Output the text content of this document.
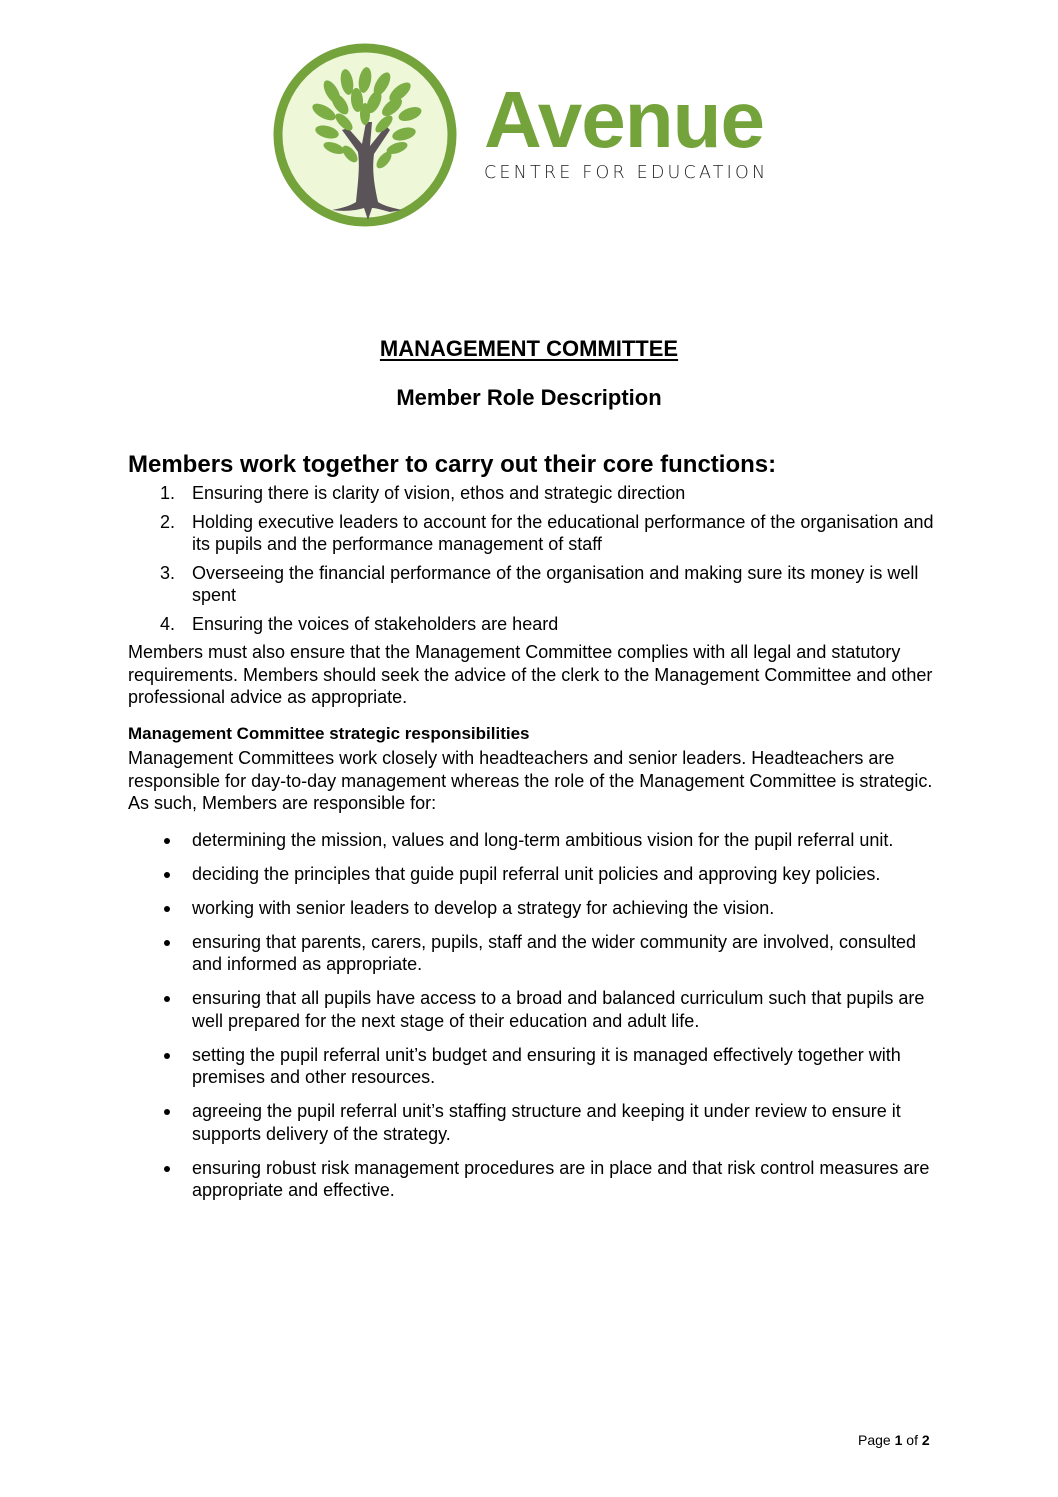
Avenue
CENTRE FOR EDUCATION
MANAGEMENT COMMITTEE
Member Role Description
Members work together to carry out their core functions:
1. Ensuring there is clarity of vision, ethos and strategic direction
2. Holding executive leaders to account for the educational performance of the organisation and its pupils and the performance management of staff
3. Overseeing the financial performance of the organisation and making sure its money is well spent
4. Ensuring the voices of stakeholders are heard

Members must also ensure that the Management Committee complies with all legal and statutory requirements. Members should seek the advice of the clerk to the Management Committee and other professional advice as appropriate.

Management Committee strategic responsibilities

Management Committees work closely with headteachers and senior leaders. Headteachers are responsible for day-to-day management whereas the role of the Management Committee is strategic. As such, Members are responsible for:

determining the mission, values and long-term ambitious vision for the pupil referral unit.
deciding the principles that guide pupil referral unit policies and approving key policies.
working with senior leaders to develop a strategy for achieving the vision.
ensuring that parents, carers, pupils, staff and the wider community are involved, consulted and informed as appropriate.
ensuring that all pupils have access to a broad and balanced curriculum such that pupils are well prepared for the next stage of their education and adult life.
setting the pupil referral unit’s budget and ensuring it is managed effectively together with premises and other resources.
agreeing the pupil referral unit’s staffing structure and keeping it under review to ensure it supports delivery of the strategy.
ensuring robust risk management procedures are in place and that risk control measures are appropriate and effective.
Page 1 of 2
